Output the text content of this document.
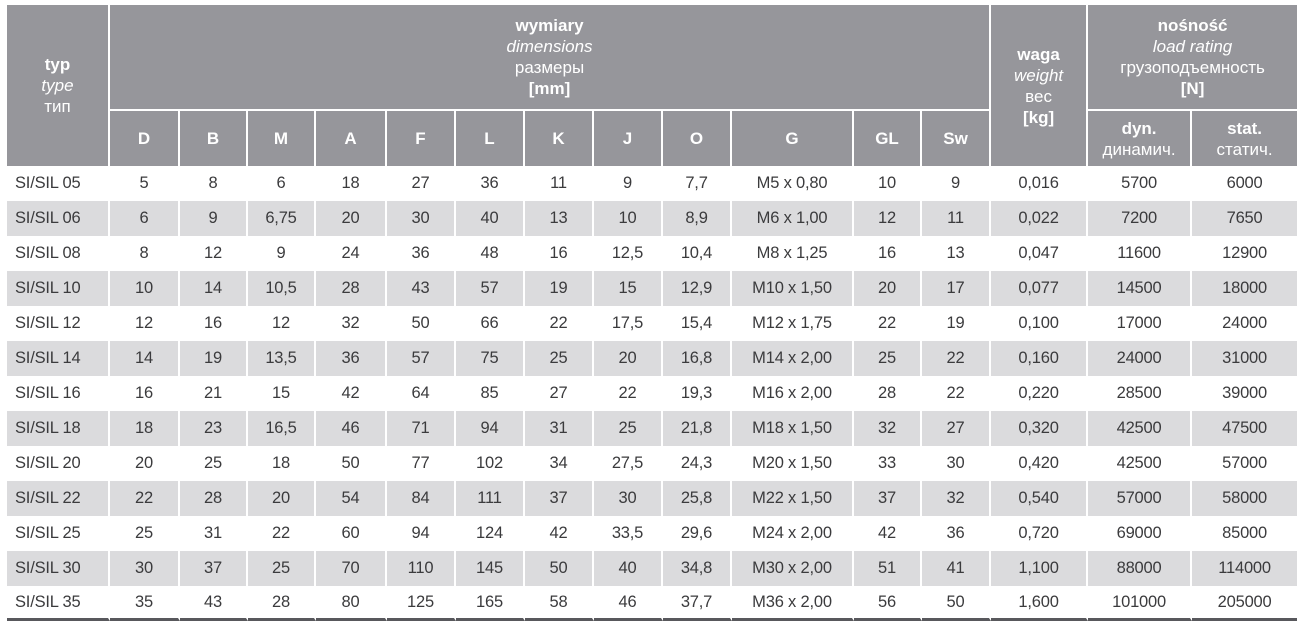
typ
type
тип

wymiary
dimensions
размеры
[mm]

waga
weight
вес
[kg]

nośność
load rating
грузоподъемность
[N]

D	B	M	A	F	L	K	J	O	G	GL	Sw	
dyn.
динамич.

stat.
статич.

SI/SIL 05	5	8	6	18	27	36	11	9	7,7	M5 x 0,80	10	9	0,016	5700	6000
SI/SIL 06	6	9	6,75	20	30	40	13	10	8,9	M6 x 1,00	12	11	0,022	7200	7650
SI/SIL 08	8	12	9	24	36	48	16	12,5	10,4	M8 x 1,25	16	13	0,047	11600	12900
SI/SIL 10	10	14	10,5	28	43	57	19	15	12,9	M10 x 1,50	20	17	0,077	14500	18000
SI/SIL 12	12	16	12	32	50	66	22	17,5	15,4	M12 x 1,75	22	19	0,100	17000	24000
SI/SIL 14	14	19	13,5	36	57	75	25	20	16,8	M14 x 2,00	25	22	0,160	24000	31000
SI/SIL 16	16	21	15	42	64	85	27	22	19,3	M16 x 2,00	28	22	0,220	28500	39000
SI/SIL 18	18	23	16,5	46	71	94	31	25	21,8	M18 x 1,50	32	27	0,320	42500	47500
SI/SIL 20	20	25	18	50	77	102	34	27,5	24,3	M20 x 1,50	33	30	0,420	42500	57000
SI/SIL 22	22	28	20	54	84	111	37	30	25,8	M22 x 1,50	37	32	0,540	57000	58000
SI/SIL 25	25	31	22	60	94	124	42	33,5	29,6	M24 x 2,00	42	36	0,720	69000	85000
SI/SIL 30	30	37	25	70	110	145	50	40	34,8	M30 x 2,00	51	41	1,100	88000	114000
SI/SIL 35	35	43	28	80	125	165	58	46	37,7	M36 x 2,00	56	50	1,600	101000	205000
